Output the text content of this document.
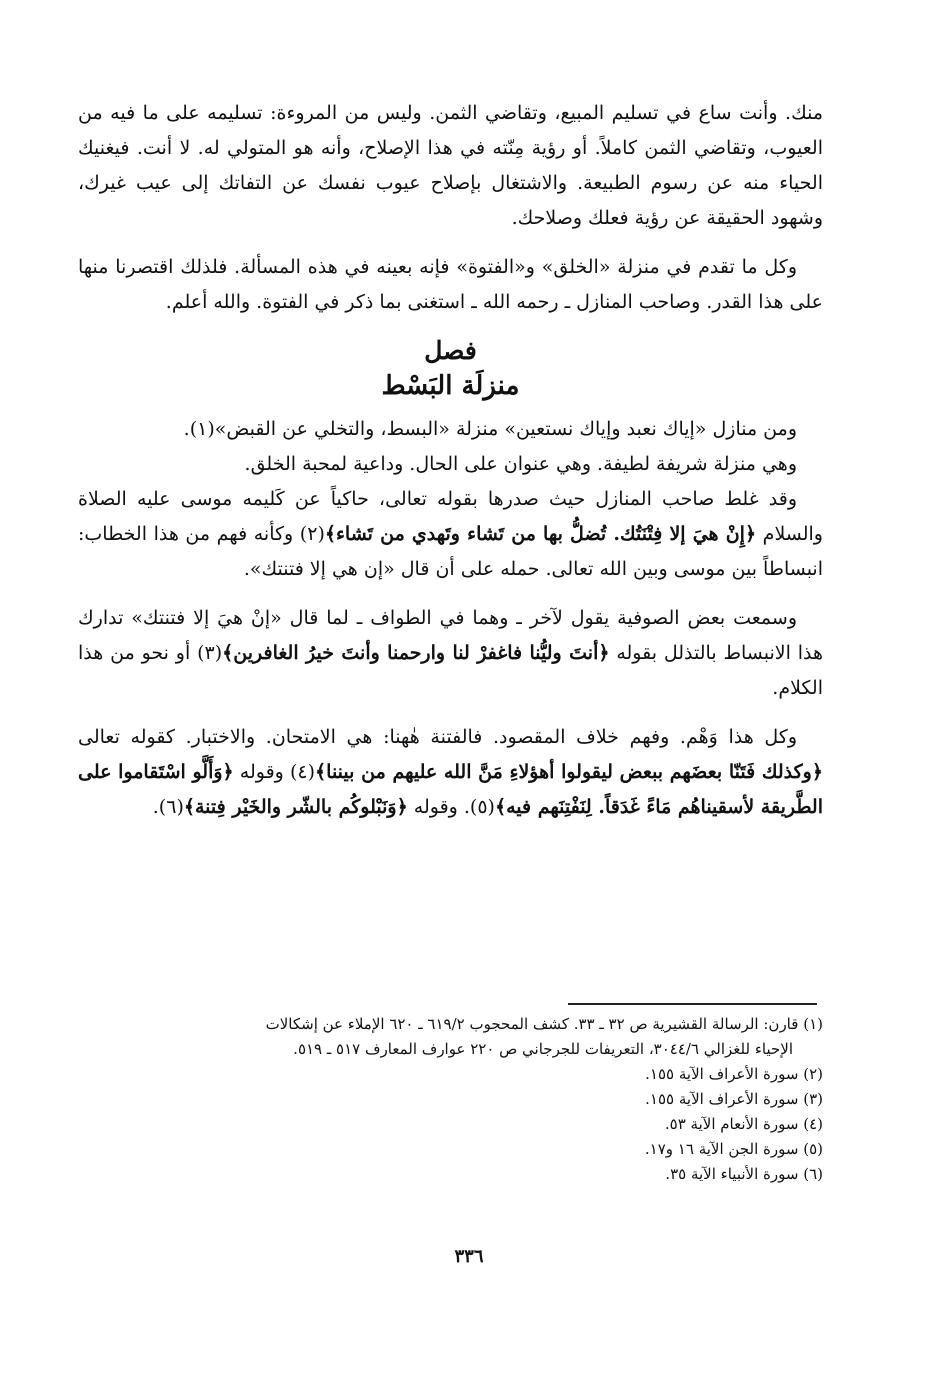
منك. وأنت ساع في تسليم المبيع، وتقاضي الثمن. وليس من المروءة: تسليمه على ما فيه من العيوب، وتقاضي الثمن كاملاً. أو رؤية مِنّته في هذا الإصلاح، وأنه هو المتولي له. لا أنت. فيغنيك الحياء منه عن رسوم الطبيعة. والاشتغال بإصلاح عيوب نفسك عن التفاتك إلى عيب غيرك، وشهود الحقيقة عن رؤية فعلك وصلاحك.

وكل ما تقدم في منزلة «الخلق» و«الفتوة» فإنه بعينه في هذه المسألة. فلذلك اقتصرنا منها على هذا القدر. وصاحب المنازل ـ رحمه الله ـ استغنى بما ذكر في الفتوة. والله أعلم.

فصل
منزلَة البَسْط

ومن منازل «إياك نعبد وإياك نستعين» منزلة «البسط، والتخلي عن القبض»(١).

وهي منزلة شريفة لطيفة. وهي عنوان على الحال. وداعية لمحبة الخلق.

وقد غلط صاحب المنازل حيث صدرها بقوله تعالى، حاكياً عن كَليمه موسى عليه الصلاة والسلام ﴿إِنْ هيَ إلا فِتْنَتُك. تُضلُّ بها من تَشاء وتَهدي من تَشاء﴾(٢) وكأنه فهم من هذا الخطاب: انبساطاً بين موسى وبين الله تعالى. حمله على أن قال «إن هي إلا فتنتك».

وسمعت بعض الصوفية يقول لآخر ـ وهما في الطواف ـ لما قال «إنْ هيَ إلا فتنتك» تدارك هذا الانبساط بالتذلل بقوله ﴿أنتَ وليُّنا فاغفرْ لنا وارحمنا وأنتَ خيرُ الغافرين﴾(٣) أو نحو من هذا الكلام.

وكل هذا وَهْم. وفهم خلاف المقصود. فالفتنة هٰهنا: هي الامتحان. والاختبار. كقوله تعالى ﴿وكذلك فَتَنّا بعضَهم ببعض ليقولوا أهؤلاءِ مَنَّ الله عليهم من بيننا﴾(٤) وقوله ﴿وَأَلَّو اسْتَقاموا على الطَّريقة لأسقيناهُم مَاءً غَدَقاً. لِنَفْتِنَهم فيه﴾(٥). وقوله ﴿وَنَبْلوكُم بالشّر والخَيْر فِتنة﴾(٦).

(١) قارن: الرسالة القشيرية ص ٣٢ ـ ٣٣. كشف المحجوب ٦١٩/٢ ـ ٦٢٠ الإملاء عن إشكالات

الإحياء للغزالي ٣٠٤٤/٦، التعريفات للجرجاني ص ٢٢٠ عوارف المعارف ٥١٧ ـ ٥١٩.

(٢) سورة الأعراف الآية ١٥٥.

(٣) سورة الأعراف الآية ١٥٥.

(٤) سورة الأنعام الآية ٥٣.

(٥) سورة الجن الآية ١٦ و١٧.

(٦) سورة الأنبياء الآية ٣٥.

٣٣٦
